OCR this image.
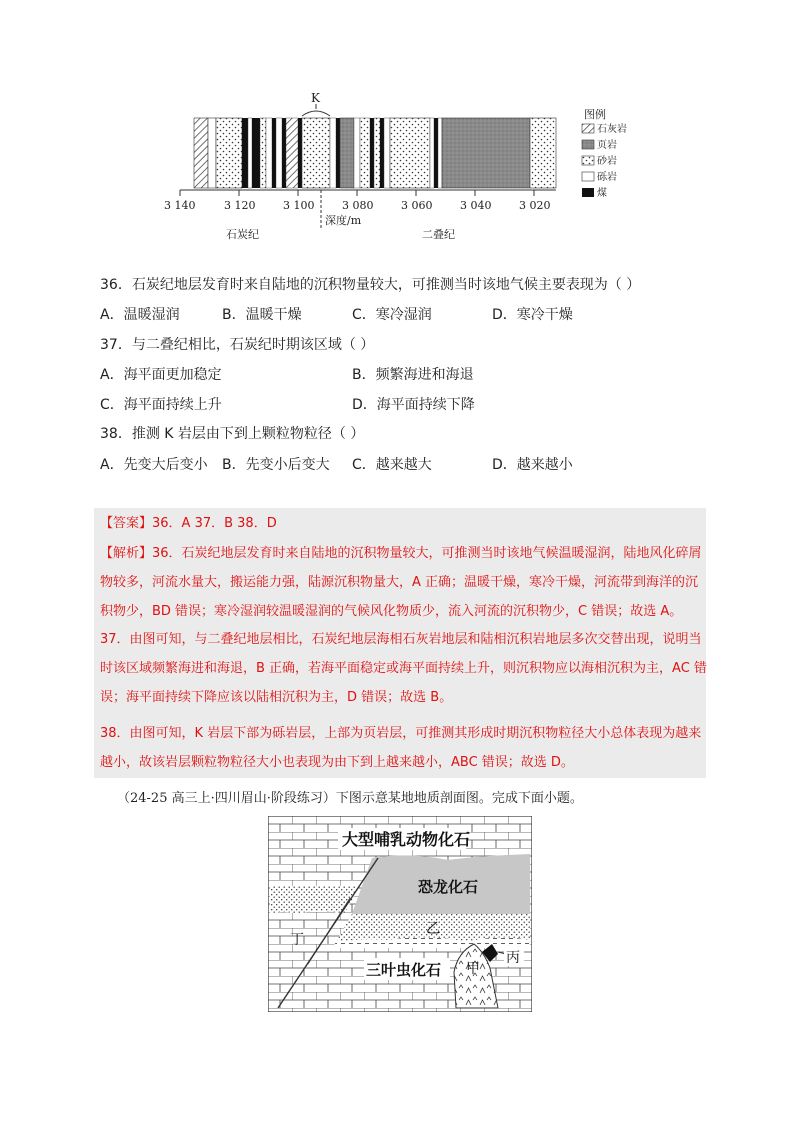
K
3 140	3 120	3 100	3 080	3 060	3 040	3 020
深度/m
石炭纪	二叠纪
图例
石灰岩
页岩
砂岩
砾岩
煤
36．石炭纪地层发育时来自陆地的沉积物量较大，可推测当时该地气候主要表现为（ ）
A．温暖湿润	B．温暖干燥	C．寒冷湿润	D．寒冷干燥
37．与二叠纪相比，石炭纪时期该区域（ ）
A．海平面更加稳定	B．频繁海进和海退
C．海平面持续上升	D．海平面持续下降
38．推测 K 岩层由下到上颗粒物粒径（ ）
A．先变大后变小 B．先变小后变大 C．越来越大	D．越来越小
【答案】36．A 37．B 38．D
【解析】36．石炭纪地层发育时来自陆地的沉积物量较大，可推测当时该地气候温暖湿润，陆地风化碎屑
物较多，河流水量大，搬运能力强，陆源沉积物量大，A 正确；温暖干燥，寒冷干燥，河流带到海洋的沉
积物少，BD 错误；寒冷湿润较温暖湿润的气候风化物质少，流入河流的沉积物少，C 错误；故选 A。
37．由图可知，与二叠纪地层相比，石炭纪地层海相石灰岩地层和陆相沉积岩地层多次交替出现，说明当
时该区域频繁海进和海退，B 正确，若海平面稳定或海平面持续上升，则沉积物应以海相沉积为主，AC 错
误；海平面持续下降应该以陆相沉积为主，D 错误；故选 B。
38．由图可知，K 岩层下部为砾岩层，上部为页岩层，可推测其形成时期沉积物粒径大小总体表现为越来
越小，故该岩层颗粒物粒径大小也表现为由下到上越来越小，ABC 错误；故选 D。
（24-25 高三上·四川眉山·阶段练习）下图示意某地地质剖面图。完成下面小题。
大型哺乳动物化石
恐龙化石
乙
丁
三叶虫化石 甲
丙
